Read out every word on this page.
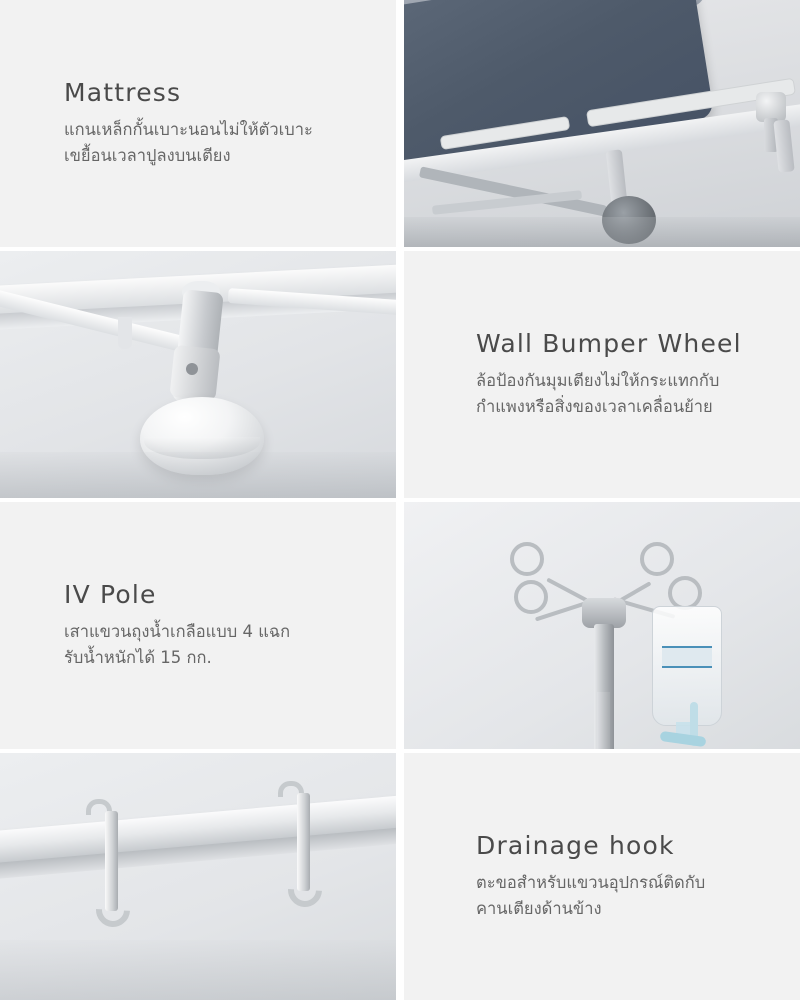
Mattress
แกนเหล็กกั้นเบาะนอนไม่ให้ตัวเบาะ
เขยื้อนเวลาปูลงบนเตียง
Wall Bumper Wheel
ล้อป้องกันมุมเตียงไม่ให้กระแทกกับ
กำแพงหรือสิ่งของเวลาเคลื่อนย้าย
IV Pole
เสาแขวนถุงน้ำเกลือแบบ 4 แฉก
รับน้ำหนักได้ 15 กก.
Drainage hook
ตะขอสำหรับแขวนอุปกรณ์ติดกับ
คานเตียงด้านข้าง
